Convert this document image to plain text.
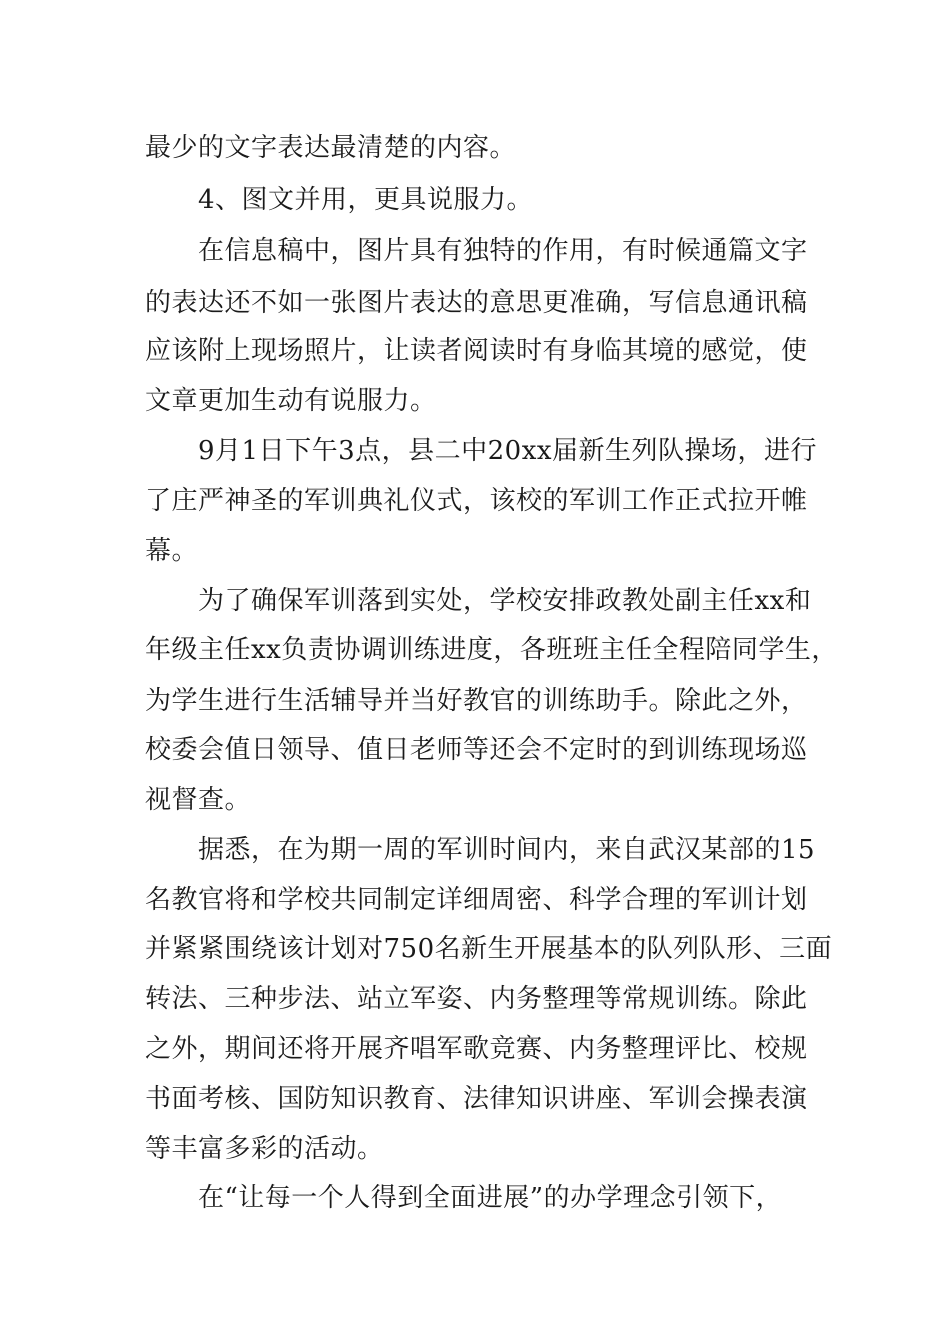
最少的文字表达最清楚的内容。
4、图文并用，更具说服力。
在信息稿中，图片具有独特的作用，有时候通篇文字
的表达还不如一张图片表达的意思更准确，写信息通讯稿
应该附上现场照片，让读者阅读时有身临其境的感觉，使
文章更加生动有说服力。
9月1日下午3点，县二中20xx届新生列队操场，进行
了庄严神圣的军训典礼仪式，该校的军训工作正式拉开帷
幕。
为了确保军训落到实处，学校安排政教处副主任xx和
年级主任xx负责协调训练进度，各班班主任全程陪同学生，
为学生进行生活辅导并当好教官的训练助手。除此之外，
校委会值日领导、值日老师等还会不定时的到训练现场巡
视督查。
据悉，在为期一周的军训时间内，来自武汉某部的15
名教官将和学校共同制定详细周密、科学合理的军训计划
并紧紧围绕该计划对750名新生开展基本的队列队形、三面
转法、三种步法、站立军姿、内务整理等常规训练。除此
之外，期间还将开展齐唱军歌竞赛、内务整理评比、校规
书面考核、国防知识教育、法律知识讲座、军训会操表演
等丰富多彩的活动。
在“让每一个人得到全面进展”的办学理念引领下，
